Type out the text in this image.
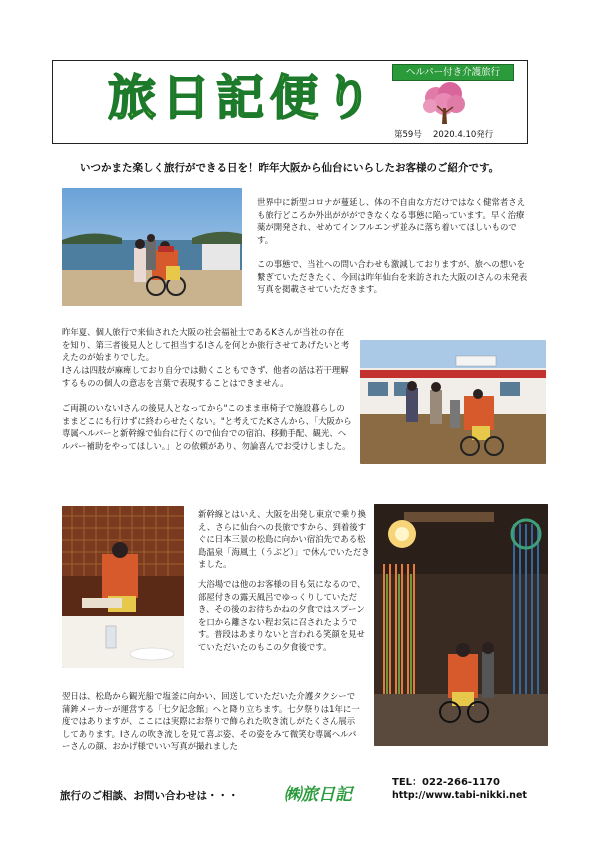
旅日記便り	ヘルパー付き介護旅行
第59号　 2020.4.10発行
いつかまた楽しく旅行ができる日を！昨年大阪から仙台にいらしたお客様のご紹介です。
世界中に新型コロナが蔓延し、体の不自由な方だけではなく健常者さえも旅行どころか外出ががができなくなる事態に陥っています。早く治療薬が開発され、せめてインフルエンザ並みに落ち着いてほしいものです。
この事態で、当社への問い合わせも激減しておりますが、旅への想いを繋ぎていただきたく、今回は昨年仙台を来訪された大阪のIさんの未発表写真を掲載させていただきます。
昨年夏、個人旅行で来仙された大阪の社会福祉士であるKさんが当社の存在を知り、第三者後見人として担当するIさんを何とか旅行させてあげたいと考えたのが始まりでした。
Iさんは四肢が麻痺しており自分では動くこともできず、他者の話は若干理解するものの個人の意志を言葉で表現することはできません。
ご両親のいないIさんの後見人となってから"このまま車椅子で施設暮らしのままどこにも行けずに終わらせたくない。"と考えてたKさんから、「大阪から専属ヘルパーと新幹線で仙台に行くので仙台での宿泊、移動手配、観光、ヘルパー補助をやってほしい。」との依頼があり、勿論喜んでお受けしました。
新幹線とはいえ、大阪を出発し東京で乗り換え、さらに仙台への長旅ですから、到着後すぐに日本三景の松島に向かい宿泊先である松島温泉「海風土（うぶど）」で休んでいただきました。
大浴場では他のお客様の目も気になるので、部屋付きの露天風呂でゆっくりしていただき、その後のお待ちかねの夕食ではスプーンを口から離さない程お気に召されたようです。普段はあまりないと言われる笑顔を見せていただいたのもこの夕食後です。
翌日は、松島から観光船で塩釜に向かい、回送していただいた介護タクシーで蒲鉾メーカーが運営する「七夕記念館」へと降り立ちます。七夕祭りは1年に一度ではありますが、ここには実際にお祭りで飾られた吹き流しがたくさん展示してあります。Iさんの吹き流しを見て喜ぶ姿、その姿をみて微笑む専属ヘルパーさんの顔、おかげ様でいい写真が撮れました
旅行のご相談、お問い合わせは・・・	㈱旅日記
TEL：022-266-1170
http://www.tabi-nikki.net
